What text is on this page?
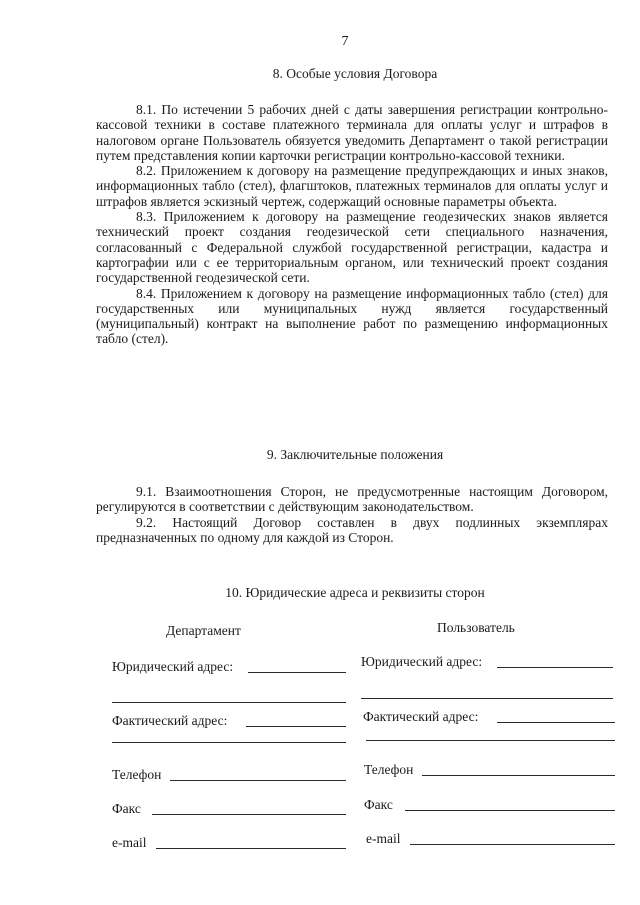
7
8. Особые условия Договора

8.1. По истечении 5 рабочих дней с даты завершения регистрации контрольно-кассовой техники в составе платежного терминала для оплаты услуг и штрафов в налоговом органе Пользователь обязуется уведомить Департамент о такой регистрации путем представления копии карточки регистрации контрольно-кассовой техники.

8.2. Приложением к договору на размещение предупреждающих и иных знаков, информационных табло (стел), флагштоков, платежных терминалов для оплаты услуг и штрафов является эскизный чертеж, содержащий основные параметры объекта.

8.3. Приложением к договору на размещение геодезических знаков является технический проект создания геодезической сети специального назначения, согласованный с Федеральной службой государственной регистрации, кадастра и картографии или с ее территориальным органом, или технический проект создания государственной геодезической сети.

8.4. Приложением к договору на размещение информационных табло (стел) для государственных или муниципальных нужд является государственный (муниципальный) контракт на выполнение работ по размещению информационных табло (стел).

9. Заключительные положения

9.1. Взаимоотношения Сторон, не предусмотренные настоящим Договором, регулируются в соответствии с действующим законодательством.

9.2. Настоящий Договор составлен в двух подлинных экземплярах предназначенных по одному для каждой из Сторон.

10. Юридические адреса и реквизиты сторон
Департамент	Пользователь
Юридический адрес:
Фактический адрес:
Телефон
Факс
e-mail
Юридический адрес:
Фактический адрес:
Телефон
Факс
e-mail
